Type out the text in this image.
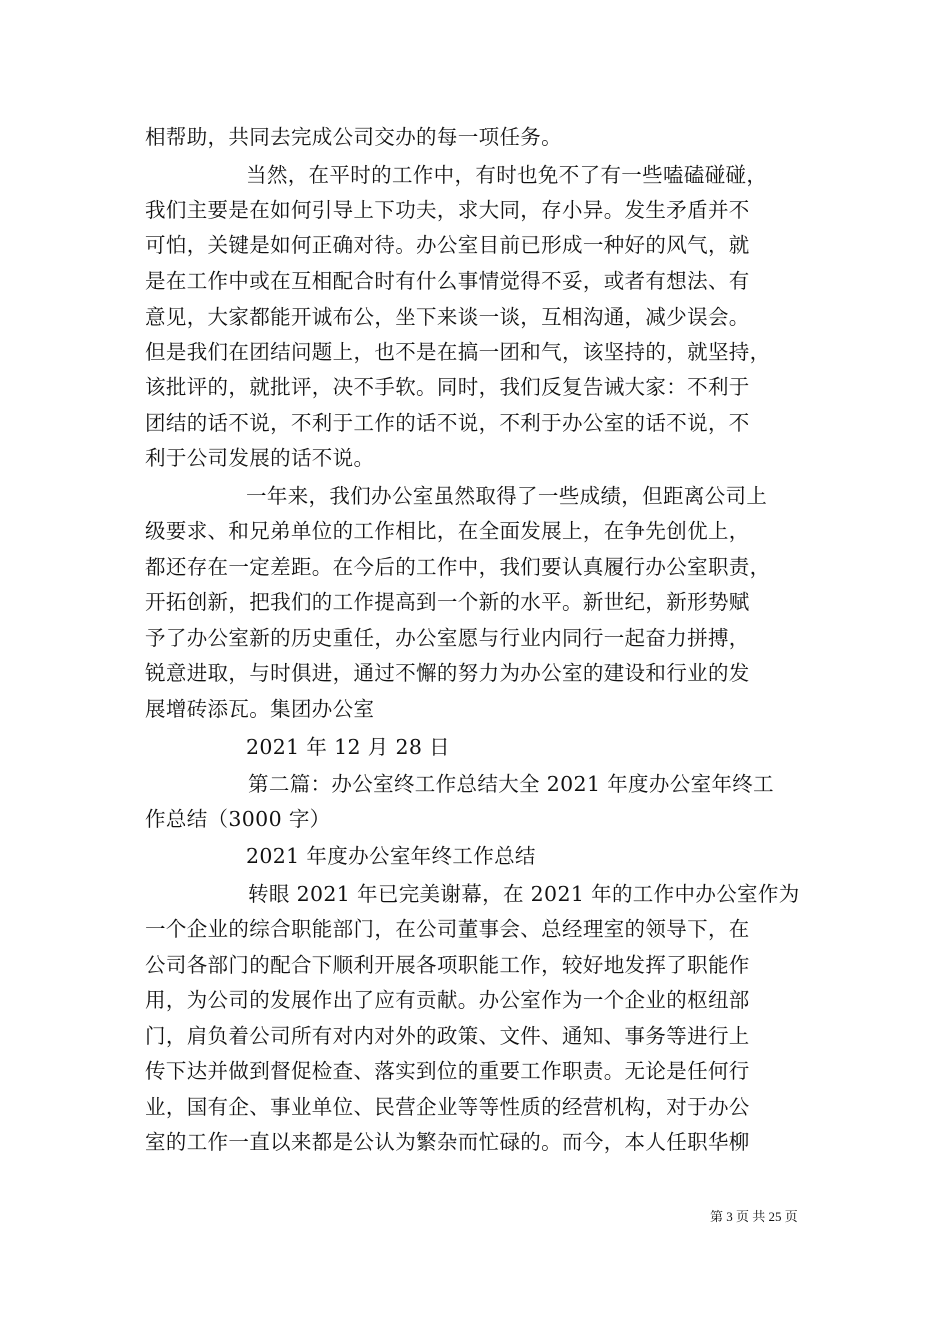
相帮助，共同去完成公司交办的每一项任务。
当然，在平时的工作中，有时也免不了有一些嗑磕碰碰，
我们主要是在如何引导上下功夫，求大同，存小异。发生矛盾并不
可怕，关键是如何正确对待。办公室目前已形成一种好的风气，就
是在工作中或在互相配合时有什么事情觉得不妥，或者有想法、有
意见，大家都能开诚布公，坐下来谈一谈，互相沟通，减少误会。
但是我们在团结问题上，也不是在搞一团和气，该坚持的，就坚持，
该批评的，就批评，决不手软。同时，我们反复告诫大家：不利于
团结的话不说，不利于工作的话不说，不利于办公室的话不说，不
利于公司发展的话不说。
一年来，我们办公室虽然取得了一些成绩，但距离公司上
级要求、和兄弟单位的工作相比，在全面发展上，在争先创优上，
都还存在一定差距。在今后的工作中，我们要认真履行办公室职责，
开拓创新，把我们的工作提高到一个新的水平。新世纪，新形势赋
予了办公室新的历史重任，办公室愿与行业内同行一起奋力拼搏，
锐意进取，与时俱进，通过不懈的努力为办公室的建设和行业的发
展增砖添瓦。集团办公室
2021 年 12 月 28 日
第二篇：办公室终工作总结大全 2021 年度办公室年终工
作总结（3000 字）
2021 年度办公室年终工作总结
转眼 2021 年已完美谢幕，在 2021 年的工作中办公室作为
一个企业的综合职能部门，在公司董事会、总经理室的领导下，在
公司各部门的配合下顺利开展各项职能工作，较好地发挥了职能作
用，为公司的发展作出了应有贡献。办公室作为一个企业的枢纽部
门，肩负着公司所有对内对外的政策、文件、通知、事务等进行上
传下达并做到督促检查、落实到位的重要工作职责。无论是任何行
业，国有企、事业单位、民营企业等等性质的经营机构，对于办公
室的工作一直以来都是公认为繁杂而忙碌的。而今，本人任职华柳
第 3 页 共 25 页
